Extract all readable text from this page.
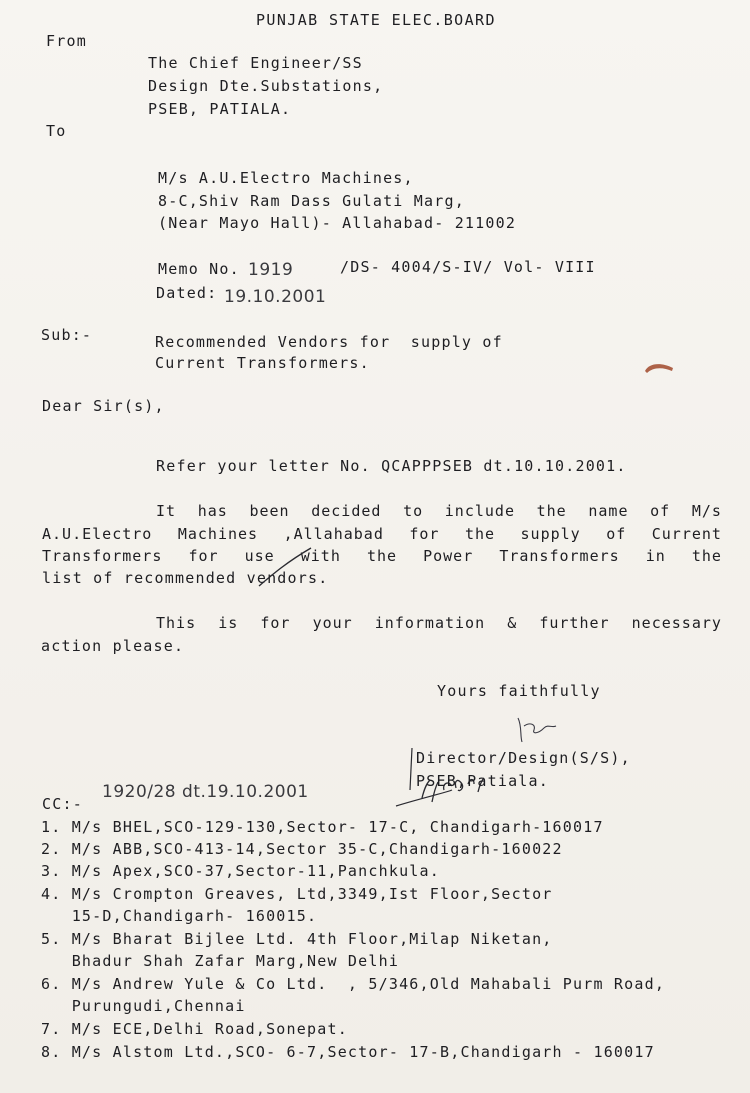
PUNJAB STATE ELEC.BOARD
From
The Chief Engineer/SS
Design Dte.Substations,
PSEB, PATIALA.
To
M/s A.U.Electro Machines,
8-C,Shiv Ram Dass Gulati Marg,
(Near Mayo Hall)- Allahabad- 211002
Memo No. 1919	/DS- 4004/S-IV/ Vol- VIII
Dated: 19.10.2001
Sub:-	Recommended Vendors for  supply of
Current Transformers.
Dear Sir(s),
Refer your letter No. QCAPPPSEB dt.10.10.2001.
It has been decided to include the name of M/s
A.U.Electro Machines ,Allahabad for the supply of Current
Transformers for use with the Power Transformers in the
list of recommended vendors.
This is for your information & further necessary
action please.
Yours faithfully
Director/Design(S/S),
PSEB,Patiala.
CC:-
1920/28 dt.19.10.2001
1. M/s BHEL,SCO-129-130,Sector- 17-C, Chandigarh-160017
2. M/s ABB,SCO-413-14,Sector 35-C,Chandigarh-160022
3. M/s Apex,SCO-37,Sector-11,Panchkula.
4. M/s Crompton Greaves, Ltd,3349,Ist Floor,Sector
15-D,Chandigarh- 160015.
5. M/s Bharat Bijlee Ltd. 4th Floor,Milap Niketan,
Bhadur Shah Zafar Marg,New Delhi
6. M/s Andrew Yule & Co Ltd.  , 5/346,Old Mahabali Purm Road,
Purungudi,Chennai
7. M/s ECE,Delhi Road,Sonepat.
8. M/s Alstom Ltd.,SCO- 6-7,Sector- 17-B,Chandigarh - 160017
